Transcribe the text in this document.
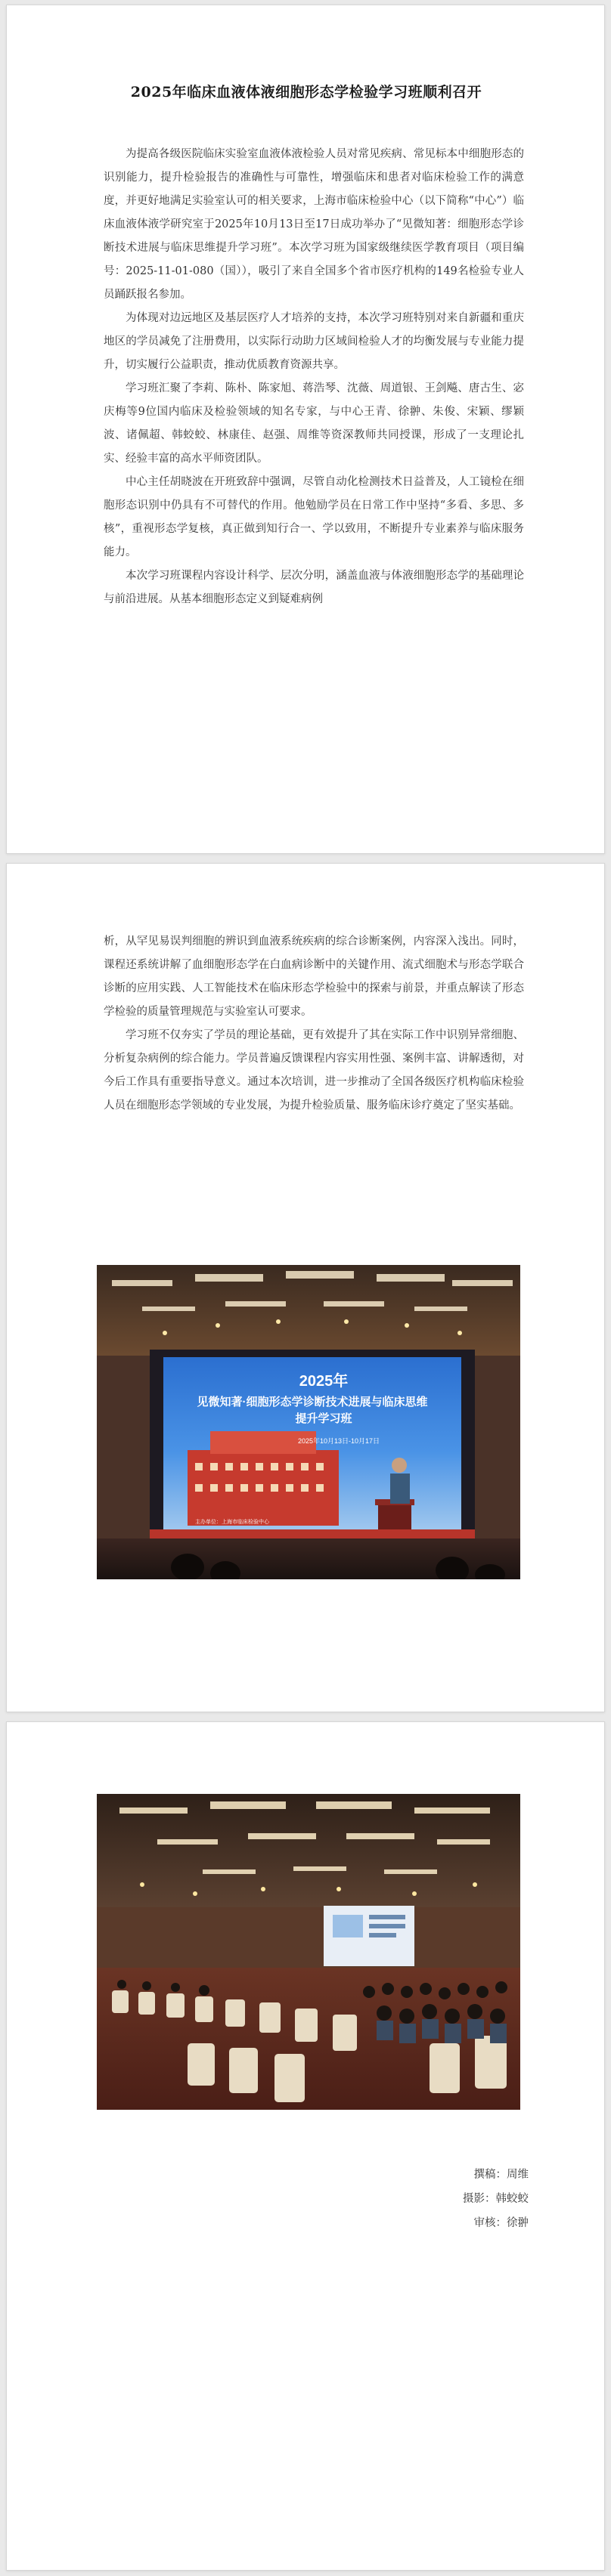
2025年临床血液体液细胞形态学检验学习班顺利召开

为提高各级医院临床实验室血液体液检验人员对常见疾病、常见标本中细胞形态的识别能力，提升检验报告的准确性与可靠性，增强临床和患者对临床检验工作的满意度，并更好地满足实验室认可的相关要求，上海市临床检验中心（以下简称“中心”）临床血液体液学研究室于2025年10月13日至17日成功举办了“见微知著：细胞形态学诊断技术进展与临床思维提升学习班”。本次学习班为国家级继续医学教育项目（项目编号：2025-11-01-080（国）），吸引了来自全国多个省市医疗机构的149名检验专业人员踊跃报名参加。

为体现对边远地区及基层医疗人才培养的支持，本次学习班特别对来自新疆和重庆地区的学员减免了注册费用，以实际行动助力区域间检验人才的均衡发展与专业能力提升，切实履行公益职责，推动优质教育资源共享。

学习班汇聚了李莉、陈朴、陈家旭、蒋浩琴、沈薇、周道银、王剑飚、唐古生、宓庆梅等9位国内临床及检验领域的知名专家，与中心王青、徐翀、朱俊、宋颖、缪颖波、诸佩超、韩蛟蛟、林康佳、赵强、周维等资深教师共同授课，形成了一支理论扎实、经验丰富的高水平师资团队。

中心主任胡晓波在开班致辞中强调，尽管自动化检测技术日益普及，人工镜检在细胞形态识别中仍具有不可替代的作用。他勉励学员在日常工作中坚持“多看、多思、多核”，重视形态学复核，真正做到知行合一、学以致用，不断提升专业素养与临床服务能力。

本次学习班课程内容设计科学、层次分明，涵盖血液与体液细胞形态学的基础理论与前沿进展。从基本细胞形态定义到疑难病例

析，从罕见易误判细胞的辨识到血液系统疾病的综合诊断案例，内容深入浅出。同时，课程还系统讲解了血细胞形态学在白血病诊断中的关键作用、流式细胞术与形态学联合诊断的应用实践、人工智能技术在临床形态学检验中的探索与前景，并重点解读了形态学检验的质量管理规范与实验室认可要求。

学习班不仅夯实了学员的理论基础，更有效提升了其在实际工作中识别异常细胞、分析复杂病例的综合能力。学员普遍反馈课程内容实用性强、案例丰富、讲解透彻，对今后工作具有重要指导意义。通过本次培训，进一步推动了全国各级医疗机构临床检验人员在细胞形态学领域的专业发展，为提升检验质量、服务临床诊疗奠定了坚实基础。

2025年
见微知著·细胞形态学诊断技术进展与临床思维
提升学习班
2025年10月13日-10月17日
主办单位：上海市临床检验中心
撰稿：周维
摄影：韩蛟蛟
审核：徐翀
